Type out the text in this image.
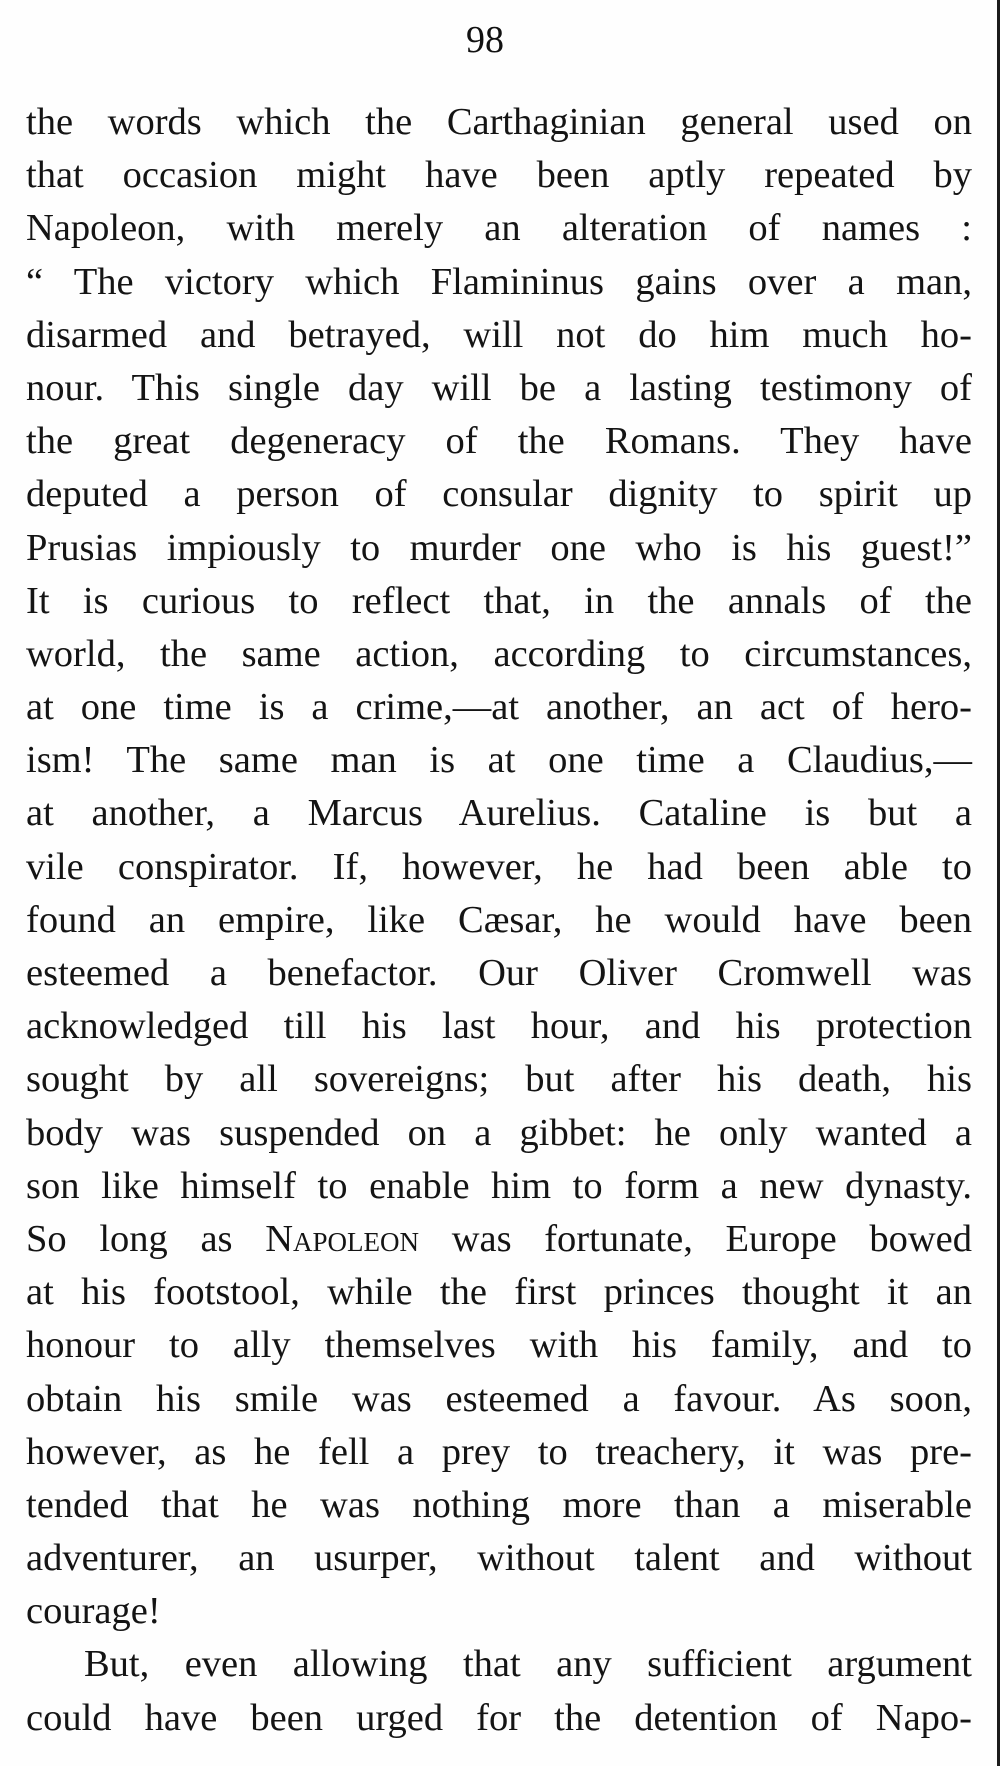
98
the words which the Carthaginian general used on
that occasion might have been aptly repeated by
Napoleon, with merely an alteration of names :
“ The victory which Flamininus gains over a man,
disarmed and betrayed, will not do him much ho-
nour. This single day will be a lasting testimony of
the great degeneracy of the Romans. They have
deputed a person of consular dignity to spirit up
Prusias impiously to murder one who is his guest!”
It is curious to reflect that, in the annals of the
world, the same action, according to circumstances,
at one time is a crime,—at another, an act of hero-
ism! The same man is at one time a Claudius,—
at another, a Marcus Aurelius. Cataline is but a
vile conspirator. If, however, he had been able to
found an empire, like Cæsar, he would have been
esteemed a benefactor. Our Oliver Cromwell was
acknowledged till his last hour, and his protection
sought by all sovereigns; but after his death, his
body was suspended on a gibbet: he only wanted a
son like himself to enable him to form a new dynasty.
So long as Napoleon was fortunate, Europe bowed
at his footstool, while the first princes thought it an
honour to ally themselves with his family, and to
obtain his smile was esteemed a favour. As soon,
however, as he fell a prey to treachery, it was pre-
tended that he was nothing more than a miserable
adventurer, an usurper, without talent and without
courage!
But, even allowing that any sufficient argument
could have been urged for the detention of Napo-
